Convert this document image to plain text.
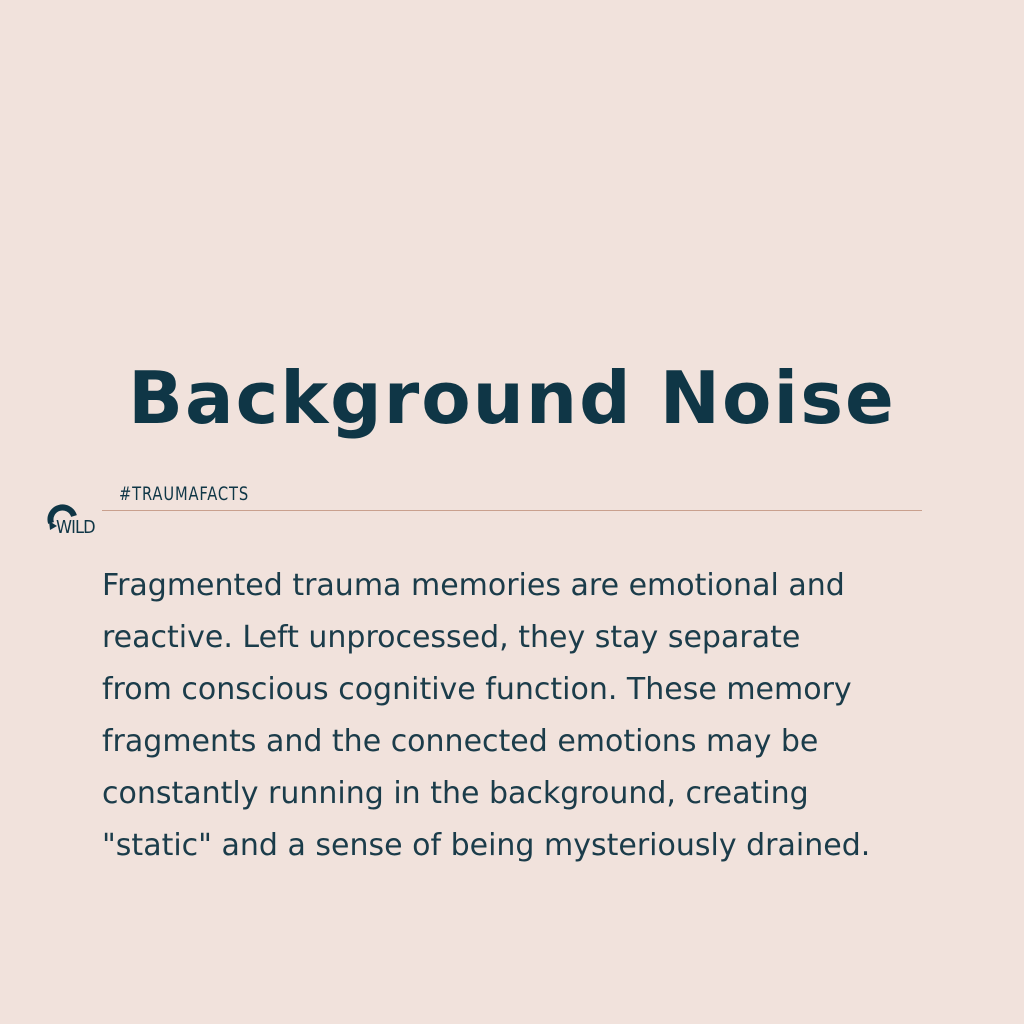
Background Noise
WILD
#TRAUMAFACTS
Fragmented trauma memories are emotional and
reactive. Left unprocessed, they stay separate
from conscious cognitive function. These memory
fragments and the connected emotions may be
constantly running in the background, creating
"static" and a sense of being mysteriously drained.
